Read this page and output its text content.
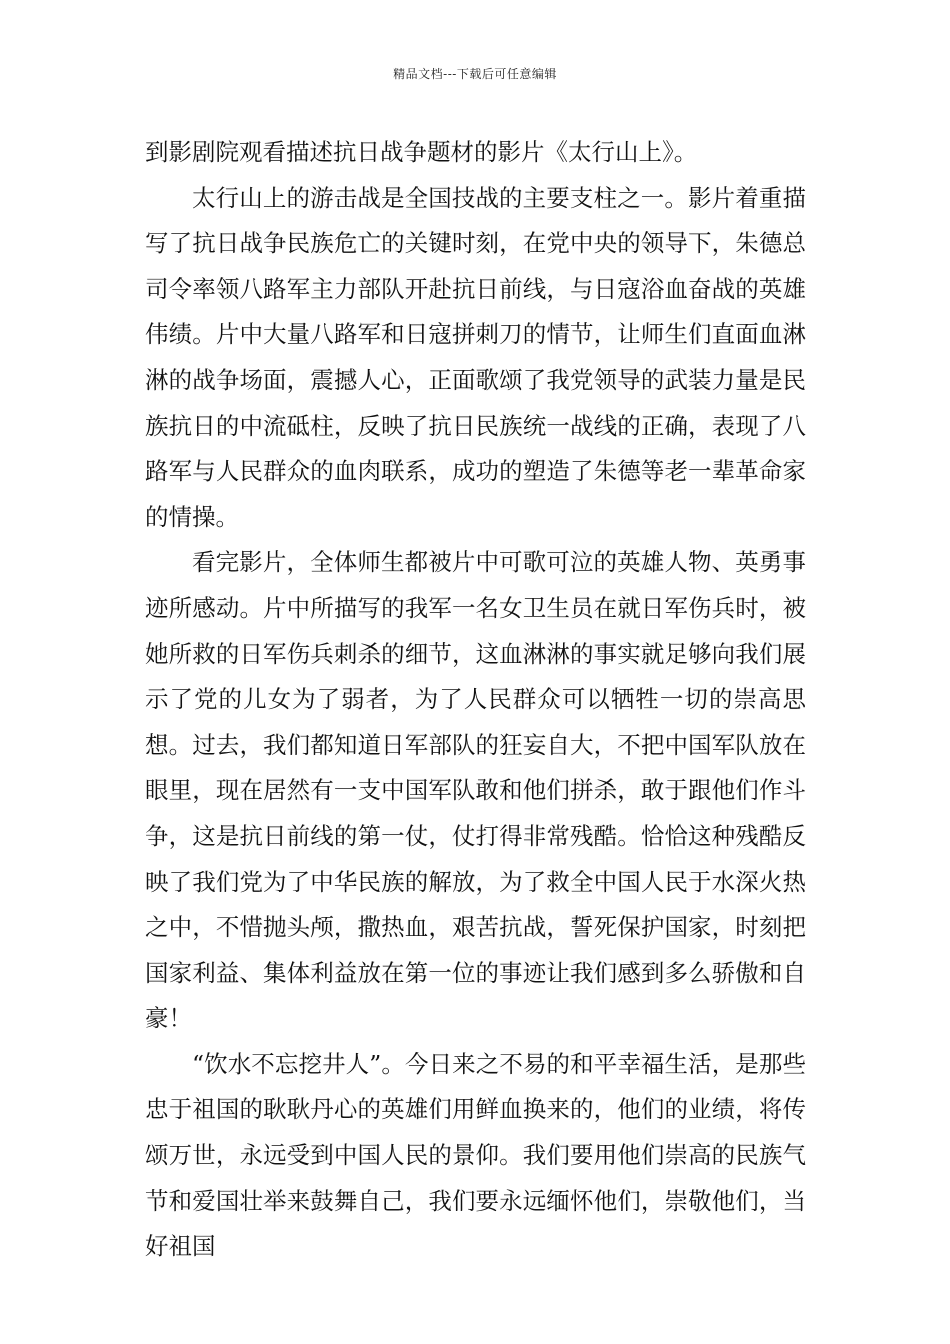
精品文档---下载后可任意编辑

到影剧院观看描述抗日战争题材的影片《太行山上》。

太行山上的游击战是全国技战的主要支柱之一。影片着重描写了抗日战争民族危亡的关键时刻，在党中央的领导下，朱德总司令率领八路军主力部队开赴抗日前线，与日寇浴血奋战的英雄伟绩。片中大量八路军和日寇拼刺刀的情节，让师生们直面血淋淋的战争场面，震撼人心，正面歌颂了我党领导的武装力量是民族抗日的中流砥柱，反映了抗日民族统一战线的正确，表现了八路军与人民群众的血肉联系，成功的塑造了朱德等老一辈革命家的情操。

看完影片，全体师生都被片中可歌可泣的英雄人物、英勇事迹所感动。片中所描写的我军一名女卫生员在就日军伤兵时，被她所救的日军伤兵刺杀的细节，这血淋淋的事实就足够向我们展示了党的儿女为了弱者，为了人民群众可以牺牲一切的崇高思想。过去，我们都知道日军部队的狂妄自大，不把中国军队放在眼里，现在居然有一支中国军队敢和他们拼杀，敢于跟他们作斗争，这是抗日前线的第一仗，仗打得非常残酷。恰恰这种残酷反映了我们党为了中华民族的解放，为了救全中国人民于水深火热之中，不惜抛头颅，撒热血，艰苦抗战，誓死保护国家，时刻把国家利益、集体利益放在第一位的事迹让我们感到多么骄傲和自豪！

“饮水不忘挖井人”。今日来之不易的和平幸福生活，是那些忠于祖国的耿耿丹心的英雄们用鲜血换来的，他们的业绩，将传颂万世，永远受到中国人民的景仰。我们要用他们崇高的民族气节和爱国壮举来鼓舞自己，我们要永远缅怀他们，崇敬他们，当好祖国
